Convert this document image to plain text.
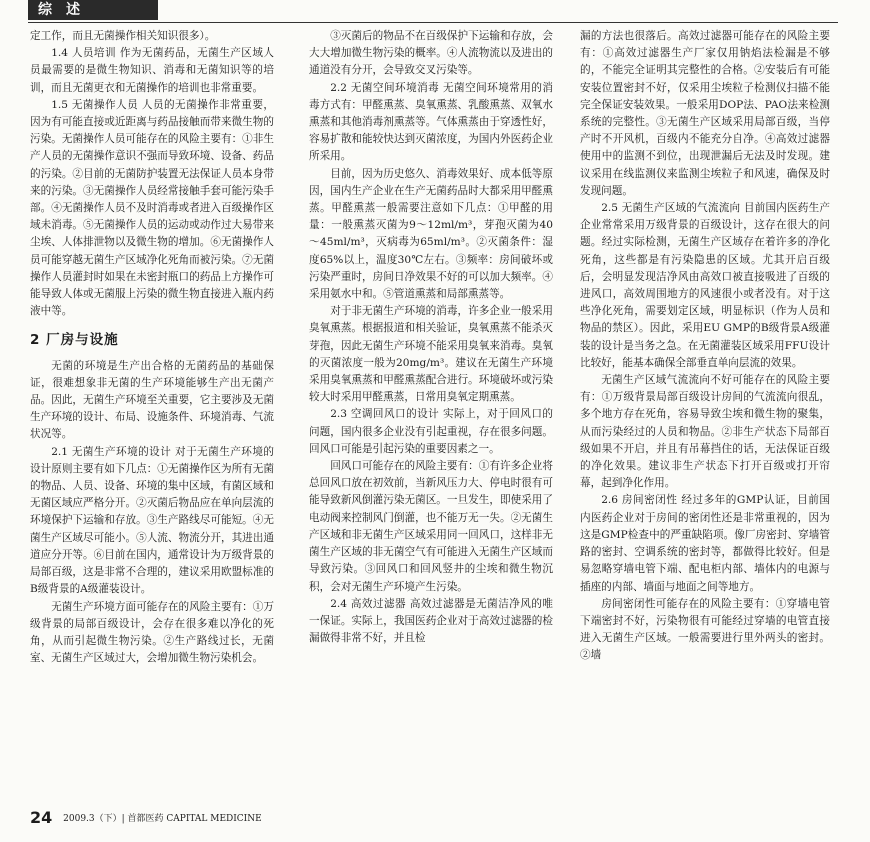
综述

定工作，而且无菌操作相关知识很多）。

1.4 人员培训 作为无菌药品，无菌生产区域人员最需要的是微生物知识、消毒和无菌知识等的培训，而且无菌更衣和无菌操作的培训也非常重要。

1.5 无菌操作人员 人员的无菌操作非常重要，因为有可能直接或近距离与药品接触而带来微生物的污染。无菌操作人员可能存在的风险主要有：①非生产人员的无菌操作意识不强而导致环境、设备、药品的污染。②目前的无菌防护装置无法保证人员本身带来的污染。③无菌操作人员经常接触手套可能污染手部。④无菌操作人员不及时消毒或者进入百级操作区域未消毒。⑤无菌操作人员的运动或动作过大易带来尘埃、人体排泄物以及微生物的增加。⑥无菌操作人员可能穿越无菌生产区域净化死角而被污染。⑦无菌操作人员灌封时如果在未密封瓶口的药品上方操作可能导致人体或无菌服上污染的微生物直接进入瓶内药液中等。

2 厂房与设施

无菌的环境是生产出合格的无菌药品的基础保证，很难想象非无菌的生产环境能够生产出无菌产品。因此，无菌生产环境至关重要，它主要涉及无菌生产环境的设计、布局、设施条件、环境消毒、气流状况等。

2.1 无菌生产环境的设计 对于无菌生产环境的设计原则主要有如下几点：①无菌操作区为所有无菌的物品、人员、设备、环境的集中区域，有菌区域和无菌区域应严格分开。②灭菌后物品应在单向层流的环境保护下运输和存放。③生产路线尽可能短。④无菌生产区域尽可能小。⑤人流、物流分开，其进出通道应分开等。⑥目前在国内，通常设计为万级背景的局部百级，这是非常不合理的，建议采用欧盟标准的B级背景的A级灌装设计。

无菌生产环境方面可能存在的风险主要有：①万级背景的局部百级设计，会存在很多难以净化的死角，从而引起微生物污染。②生产路线过长，无菌室、无菌生产区域过大，会增加微生物污染机会。

③灭菌后的物品不在百级保护下运输和存放，会大大增加微生物污染的概率。④人流物流以及进出的通道没有分开，会导致交叉污染等。

2.2 无菌空间环境消毒 无菌空间环境常用的消毒方式有：甲醛熏蒸、臭氧熏蒸、乳酸熏蒸、双氧水熏蒸和其他消毒剂熏蒸等。气体熏蒸由于穿透性好，容易扩散和能较快达到灭菌浓度，为国内外医药企业所采用。

目前，因为历史悠久、消毒效果好、成本低等原因，国内生产企业在生产无菌药品时大都采用甲醛熏蒸。甲醛熏蒸一般需要注意如下几点：①甲醛的用量：一般熏蒸灭菌为9～12ml/m³，芽孢灭菌为40～45ml/m³，灭病毒为65ml/m³。②灭菌条件：湿度65%以上，温度30℃左右。③频率：房间破坏或污染严重时，房间日净效果不好的可以加大频率。④采用氨水中和。⑤管道熏蒸和局部熏蒸等。

对于非无菌生产环境的消毒，许多企业一般采用臭氧熏蒸。根据报道和相关验证，臭氧熏蒸不能杀灭芽孢，因此无菌生产环境不能采用臭氧来消毒。臭氧的灭菌浓度一般为20mg/m³。建议在无菌生产环境采用臭氧熏蒸和甲醛熏蒸配合进行。环境破坏或污染较大时采用甲醛熏蒸，日常用臭氧定期熏蒸。

2.3 空调回风口的设计 实际上，对于回风口的问题，国内很多企业没有引起重视，存在很多问题。回风口可能是引起污染的重要因素之一。

回风口可能存在的风险主要有：①有许多企业将总回风口放在初效前，当新风压力大、停电时很有可能导致新风倒灌污染无菌区。一旦发生，即使采用了电动阀来控制风门倒灌，也不能万无一失。②无菌生产区域和非无菌生产区域采用同一回风口，这样非无菌生产区域的非无菌空气有可能进入无菌生产区域而导致污染。③回风口和回风竖井的尘埃和微生物沉积，会对无菌生产环境产生污染。

2.4 高效过滤器 高效过滤器是无菌洁净风的唯一保证。实际上，我国医药企业对于高效过滤器的检漏做得非常不好，并且检

漏的方法也很落后。高效过滤器可能存在的风险主要有：①高效过滤器生产厂家仅用钠焰法检漏是不够的，不能完全证明其完整性的合格。②安装后有可能安装位置密封不好，仅采用尘埃粒子检测仪扫描不能完全保证安装效果。一般采用DOP法、PAO法来检测系统的完整性。③无菌生产区域采用局部百级，当停产时不开风机，百级内不能充分自净。④高效过滤器使用中的监测不到位，出现泄漏后无法及时发现。建议采用在线监测仪来监测尘埃粒子和风速，确保及时发现问题。

2.5 无菌生产区域的气流流向 目前国内医药生产企业常常采用万级背景的百级设计，这存在很大的问题。经过实际检测，无菌生产区域存在着许多的净化死角，这些都是有污染隐患的区域。尤其开启百级后，会明显发现洁净风由高效口被直接吸进了百级的进风口，高效周围地方的风速很小或者没有。对于这些净化死角，需要划定区域，明显标识（作为人员和物品的禁区）。因此，采用EU GMP的B级背景A级灌装的设计是当务之急。在无菌灌装区域采用FFU设计比较好，能基本确保全部垂直单向层流的效果。

无菌生产区域气流流向不好可能存在的风险主要有：①万级背景局部百级设计房间的气流流向很乱，多个地方存在死角，容易导致尘埃和微生物的聚集，从而污染经过的人员和物品。②非生产状态下局部百级如果不开启，并且有吊幕挡住的话，无法保证百级的净化效果。建议非生产状态下打开百级或打开帘幕，起到净化作用。

2.6 房间密闭性 经过多年的GMP认证，目前国内医药企业对于房间的密闭性还是非常重视的，因为这是GMP检查中的严重缺陷项。像厂房密封、穿墙管路的密封、空调系统的密封等，都做得比较好。但是易忽略穿墙电管下端、配电柜内部、墙体内的电源与插座的内部、墙面与地面之间等地方。

房间密闭性可能存在的风险主要有：①穿墙电管下端密封不好，污染物很有可能经过穿墙的电管直接进入无菌生产区域。一般需要进行里外两头的密封。②墙

24 2009.3（下）| 首都医药 CAPITAL MEDICINE
